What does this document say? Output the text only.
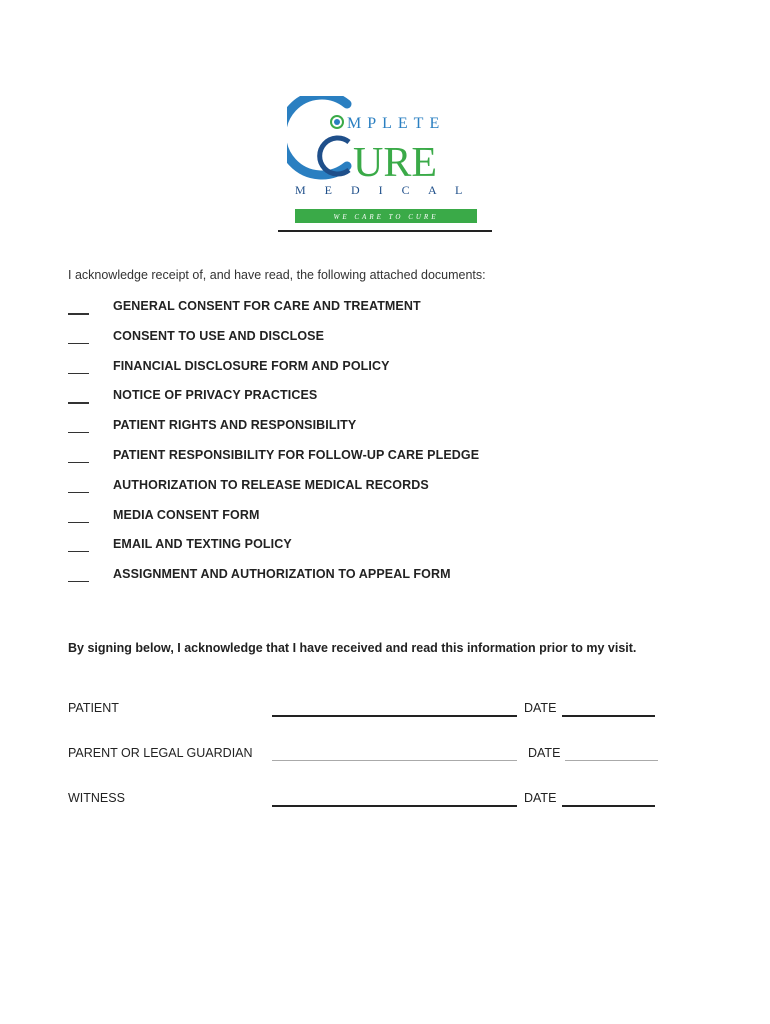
MPLETE
URE
M E D I C A L
WE CARE TO CURE
I acknowledge receipt of, and have read, the following attached documents:
GENERAL CONSENT FOR CARE AND TREATMENT
CONSENT TO USE AND DISCLOSE
FINANCIAL DISCLOSURE FORM AND POLICY
NOTICE OF PRIVACY PRACTICES
PATIENT RIGHTS AND RESPONSIBILITY
PATIENT RESPONSIBILITY FOR FOLLOW-UP CARE PLEDGE
AUTHORIZATION TO RELEASE MEDICAL RECORDS
MEDIA CONSENT FORM
EMAIL AND TEXTING POLICY
ASSIGNMENT AND AUTHORIZATION TO APPEAL FORM
By signing below, I acknowledge that I have received and read this information prior to my visit.
PATIENT	DATE
PARENT OR LEGAL GUARDIAN	DATE
WITNESS	DATE
